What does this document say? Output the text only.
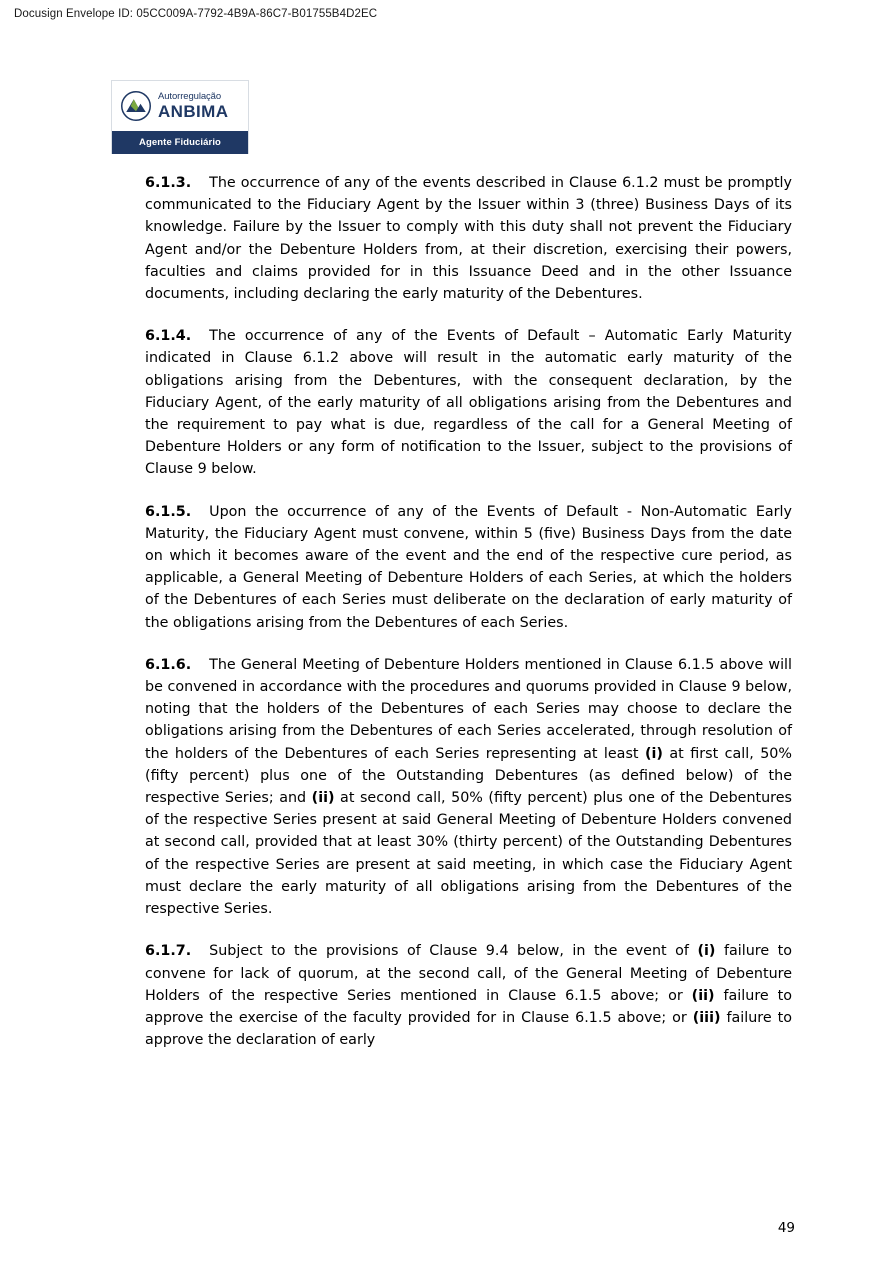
Docusign Envelope ID: 05CC009A-7792-4B9A-86C7-B01755B4D2EC
Autorregulação
ANBIMA
Agente Fiduciário

6.1.3. The occurrence of any of the events described in Clause 6.1.2 must be promptly communicated to the Fiduciary Agent by the Issuer within 3 (three) Business Days of its knowledge. Failure by the Issuer to comply with this duty shall not prevent the Fiduciary Agent and/or the Debenture Holders from, at their discretion, exercising their powers, faculties and claims provided for in this Issuance Deed and in the other Issuance documents, including declaring the early maturity of the Debentures.

6.1.4. The occurrence of any of the Events of Default – Automatic Early Maturity indicated in Clause 6.1.2 above will result in the automatic early maturity of the obligations arising from the Debentures, with the consequent declaration, by the Fiduciary Agent, of the early maturity of all obligations arising from the Debentures and the requirement to pay what is due, regardless of the call for a General Meeting of Debenture Holders or any form of notification to the Issuer, subject to the provisions of Clause 9 below.

6.1.5. Upon the occurrence of any of the Events of Default - Non-Automatic Early Maturity, the Fiduciary Agent must convene, within 5 (five) Business Days from the date on which it becomes aware of the event and the end of the respective cure period, as applicable, a General Meeting of Debenture Holders of each Series, at which the holders of the Debentures of each Series must deliberate on the declaration of early maturity of the obligations arising from the Debentures of each Series.

6.1.6. The General Meeting of Debenture Holders mentioned in Clause 6.1.5 above will be convened in accordance with the procedures and quorums provided in Clause 9 below, noting that the holders of the Debentures of each Series may choose to declare the obligations arising from the Debentures of each Series accelerated, through resolution of the holders of the Debentures of each Series representing at least (i) at first call, 50% (fifty percent) plus one of the Outstanding Debentures (as defined below) of the respective Series; and (ii) at second call, 50% (fifty percent) plus one of the Debentures of the respective Series present at said General Meeting of Debenture Holders convened at second call, provided that at least 30% (thirty percent) of the Outstanding Debentures of the respective Series are present at said meeting, in which case the Fiduciary Agent must declare the early maturity of all obligations arising from the Debentures of the respective Series.

6.1.7. Subject to the provisions of Clause 9.4 below, in the event of (i) failure to convene for lack of quorum, at the second call, of the General Meeting of Debenture Holders of the respective Series mentioned in Clause 6.1.5 above; or (ii) failure to approve the exercise of the faculty provided for in Clause 6.1.5 above; or (iii) failure to approve the declaration of early

49
